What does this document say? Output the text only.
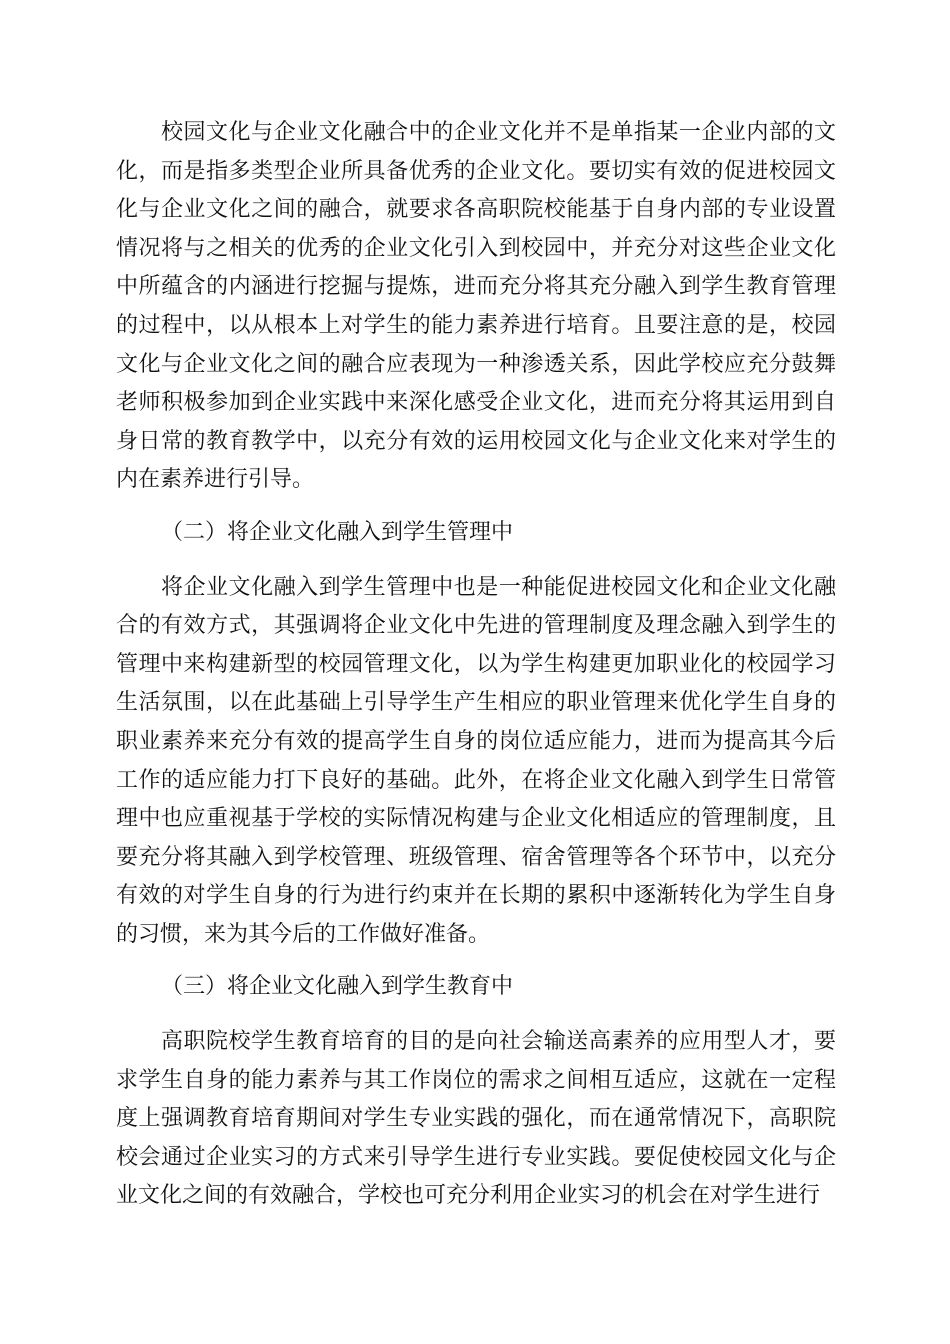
校园文化与企业文化融合中的企业文化并不是单指某一企业内部的文化，而是指多类型企业所具备优秀的企业文化。要切实有效的促进校园文化与企业文化之间的融合，就要求各高职院校能基于自身内部的专业设置情况将与之相关的优秀的企业文化引入到校园中，并充分对这些企业文化中所蕴含的内涵进行挖掘与提炼，进而充分将其充分融入到学生教育管理的过程中，以从根本上对学生的能力素养进行培育。且要注意的是，校园文化与企业文化之间的融合应表现为一种渗透关系，因此学校应充分鼓舞老师积极参加到企业实践中来深化感受企业文化，进而充分将其运用到自身日常的教育教学中，以充分有效的运用校园文化与企业文化来对学生的内在素养进行引导。

（二）将企业文化融入到学生管理中

将企业文化融入到学生管理中也是一种能促进校园文化和企业文化融合的有效方式，其强调将企业文化中先进的管理制度及理念融入到学生的管理中来构建新型的校园管理文化，以为学生构建更加职业化的校园学习生活氛围，以在此基础上引导学生产生相应的职业管理来优化学生自身的职业素养来充分有效的提高学生自身的岗位适应能力，进而为提高其今后工作的适应能力打下良好的基础。此外，在将企业文化融入到学生日常管理中也应重视基于学校的实际情况构建与企业文化相适应的管理制度，且要充分将其融入到学校管理、班级管理、宿舍管理等各个环节中，以充分有效的对学生自身的行为进行约束并在长期的累积中逐渐转化为学生自身的习惯，来为其今后的工作做好准备。

（三）将企业文化融入到学生教育中

高职院校学生教育培育的目的是向社会输送高素养的应用型人才，要求学生自身的能力素养与其工作岗位的需求之间相互适应，这就在一定程度上强调教育培育期间对学生专业实践的强化，而在通常情况下，高职院校会通过企业实习的方式来引导学生进行专业实践。要促使校园文化与企业文化之间的有效融合，学校也可充分利用企业实习的机会在对学生进行
